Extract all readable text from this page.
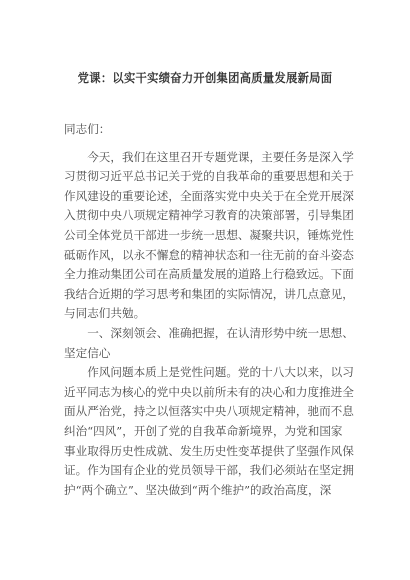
党课：以实干实绩奋力开创集团高质量发展新局面
同志们：
　　今天，我们在这里召开专题党课，主要任务是深入学
习贯彻习近平总书记关于党的自我革命的重要思想和关于
作风建设的重要论述，全面落实党中央关于在全党开展深
入贯彻中央八项规定精神学习教育的决策部署，引导集团
公司全体党员干部进一步统一思想、凝聚共识，锤炼党性
砥砺作风，以永不懈怠的精神状态和一往无前的奋斗姿态
全力推动集团公司在高质量发展的道路上行稳致远。下面
我结合近期的学习思考和集团的实际情况，讲几点意见，
与同志们共勉。
　　一、深刻领会、准确把握，在认清形势中统一思想、
坚定信心
　　作风问题本质上是党性问题。党的十八大以来，以习
近平同志为核心的党中央以前所未有的决心和力度推进全
面从严治党，持之以恒落实中央八项规定精神，驰而不息
纠治“四风”，开创了党的自我革命新境界，为党和国家
事业取得历史性成就、发生历史性变革提供了坚强作风保
证。作为国有企业的党员领导干部，我们必须站在坚定拥
护“两个确立”、坚决做到“两个维护”的政治高度，深
